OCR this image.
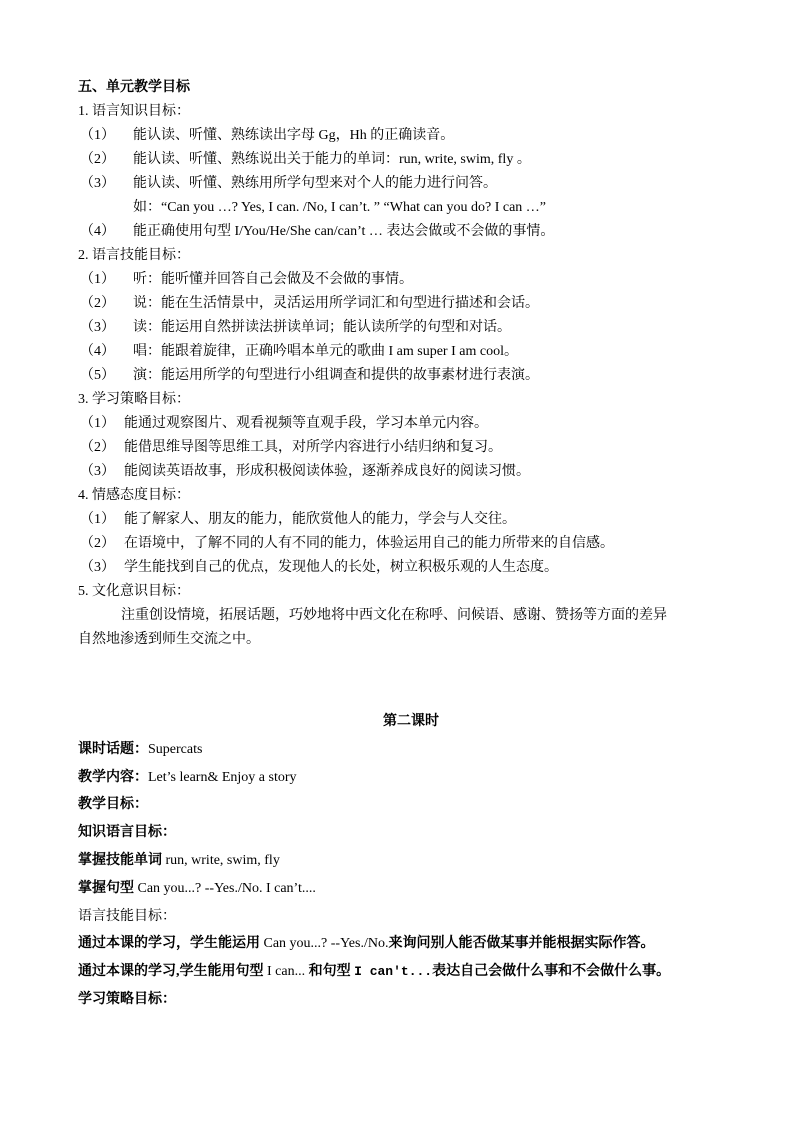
五、单元教学目标
1. 语言知识目标：
（1）	能认读、听懂、熟练读出字母 Gg，Hh 的正确读音。
（2）	能认读、听懂、熟练说出关于能力的单词：run, write, swim, fly 。
（3）	能认读、听懂、熟练用所学句型来对个人的能力进行问答。
如：“Can you …? Yes, I can. /No, I can’t. ” “What can you do? I can …”
（4）	能正确使用句型 I/You/He/She can/can’t … 表达会做或不会做的事情。
2. 语言技能目标：
（1）	听：能听懂并回答自己会做及不会做的事情。
（2）	说：能在生活情景中，灵活运用所学词汇和句型进行描述和会话。
（3）	读：能运用自然拼读法拼读单词；能认读所学的句型和对话。
（4）	唱：能跟着旋律，正确吟唱本单元的歌曲 I am super I am cool。
（5）	演：能运用所学的句型进行小组调查和提供的故事素材进行表演。
3. 学习策略目标：
（1） 能通过观察图片、观看视频等直观手段，学习本单元内容。
（2） 能借思维导图等思维工具，对所学内容进行小结归纳和复习。
（3） 能阅读英语故事，形成积极阅读体验，逐渐养成良好的阅读习惯。
4. 情感态度目标：
（1） 能了解家人、朋友的能力，能欣赏他人的能力，学会与人交往。
（2） 在语境中，了解不同的人有不同的能力，体验运用自己的能力所带来的自信感。
（3） 学生能找到自己的优点，发现他人的长处，树立积极乐观的人生态度。
5. 文化意识目标：
注重创设情境，拓展话题，巧妙地将中西文化在称呼、问候语、感谢、赞扬等方面的差异
自然地渗透到师生交流之中。
第二课时
课时话题：Supercats
教学内容：Let’s learn& Enjoy a story
教学目标：
知识语言目标：
掌握技能单词 run, write, swim, fly
掌握句型 Can you...? --Yes./No. I can’t....
语言技能目标：
通过本课的学习，学生能运用 Can you...? --Yes./No.来询问别人能否做某事并能根据实际作答。
通过本课的学习,学生能用句型 I can... 和句型 I can't...表达自己会做什么事和不会做什么事。
学习策略目标：
